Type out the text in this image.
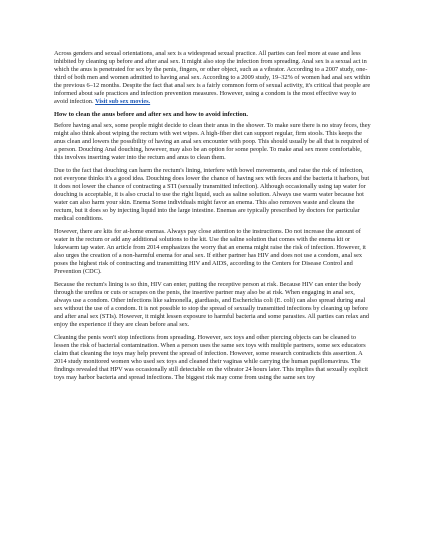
Across genders and sexual orientations, anal sex is a widespread sexual practice. All parties can feel more at ease and less inhibited by cleaning up before and after anal sex. It might also stop the infection from spreading. Anal sex is a sexual act in which the anus is penetrated for sex by the penis, fingers, or other object, such as a vibrator. According to a 2007 study, one-third of both men and women admitted to having anal sex. According to a 2009 study, 19–32% of women had anal sex within the previous 6–12 months. Despite the fact that anal sex is a fairly common form of sexual activity, it's critical that people are informed about safe practices and infection prevention measures. However, using a condom is the most effective way to avoid infection. Visit sub sex movies.

How to clean the anus before and after sex and how to avoid infection.

Before having anal sex, some people might decide to clean their anus in the shower. To make sure there is no stray feces, they might also think about wiping the rectum with wet wipes. A high-fiber diet can support regular, firm stools. This keeps the anus clean and lowers the possibility of having an anal sex encounter with poop. This should usually be all that is required of a person. Douching Anal douching, however, may also be an option for some people. To make anal sex more comfortable, this involves inserting water into the rectum and anus to clean them.

Due to the fact that douching can harm the rectum's lining, interfere with bowel movements, and raise the risk of infection, not everyone thinks it's a good idea. Douching does lower the chance of having sex with feces and the bacteria it harbors, but it does not lower the chance of contracting a STI (sexually transmitted infection). Although occasionally using tap water for douching is acceptable, it is also crucial to use the right liquid, such as saline solution. Always use warm water because hot water can also harm your skin. Enema Some individuals might favor an enema. This also removes waste and cleans the rectum, but it does so by injecting liquid into the large intestine. Enemas are typically prescribed by doctors for particular medical conditions.

However, there are kits for at-home enemas. Always pay close attention to the instructions. Do not increase the amount of water in the rectum or add any additional solutions to the kit. Use the saline solution that comes with the enema kit or lukewarm tap water. An article from 2014 emphasizes the worry that an enema might raise the risk of infection. However, it also urges the creation of a non-harmful enema for anal sex. If either partner has HIV and does not use a condom, anal sex poses the highest risk of contracting and transmitting HIV and AIDS, according to the Centers for Disease Control and Prevention (CDC).

Because the rectum's lining is so thin, HIV can enter, putting the receptive person at risk. Because HIV can enter the body through the urethra or cuts or scrapes on the penis, the insertive partner may also be at risk. When engaging in anal sex, always use a condom. Other infections like salmonella, giardiasis, and Escherichia coli (E. coli) can also spread during anal sex without the use of a condom. It is not possible to stop the spread of sexually transmitted infections by cleaning up before and after anal sex (STIs). However, it might lessen exposure to harmful bacteria and some parasites. All parties can relax and enjoy the experience if they are clean before anal sex.

Cleaning the penis won't stop infections from spreading. However, sex toys and other piercing objects can be cleaned to lessen the risk of bacterial contamination. When a person uses the same sex toys with multiple partners, some sex educators claim that cleaning the toys may help prevent the spread of infection. However, some research contradicts this assertion. A 2014 study monitored women who used sex toys and cleaned their vaginas while carrying the human papillomavirus. The findings revealed that HPV was occasionally still detectable on the vibrator 24 hours later. This implies that sexually explicit toys may harbor bacteria and spread infections. The biggest risk may come from using the same sex toy
